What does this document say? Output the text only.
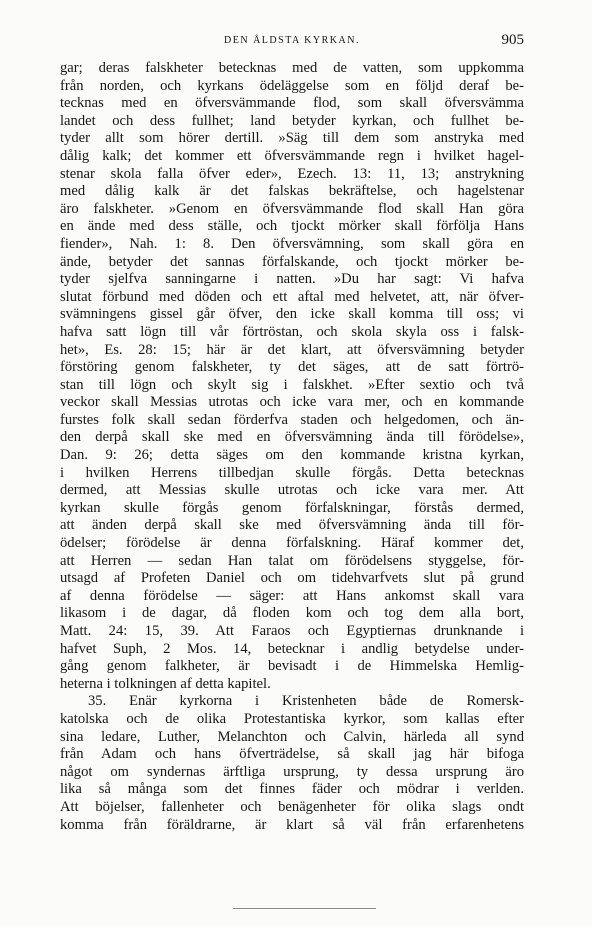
DEN ÅLDSTA KYRKAN.	905
gar; deras falskheter betecknas med de vatten, som uppkomma
från norden, och kyrkans ödeläggelse som en följd deraf be-
tecknas med en öfversvämmande flod, som skall öfversvämma
landet och dess fullhet; land betyder kyrkan, och fullhet be-
tyder allt som hörer dertill. »Säg till dem som anstryka med
dålig kalk; det kommer ett öfversvämmande regn i hvilket hagel-
stenar skola falla öfver eder», Ezech. 13: 11, 13; anstrykning
med dålig kalk är det falskas bekräftelse, och hagelstenar
äro falskheter. »Genom en öfversvämmande flod skall Han göra
en ände med dess ställe, och tjockt mörker skall förfölja Hans
fiender», Nah. 1: 8. Den öfversvämning, som skall göra en
ände, betyder det sannas förfalskande, och tjockt mörker be-
tyder sjelfva sanningarne i natten. »Du har sagt: Vi hafva
slutat förbund med döden och ett aftal med helvetet, att, när öfver-
svämningens gissel går öfver, den icke skall komma till oss; vi
hafva satt lögn till vår förtröstan, och skola skyla oss i falsk-
het», Es. 28: 15; här är det klart, att öfversvämning betyder
förstöring genom falskheter, ty det säges, att de satt förtrö-
stan till lögn och skylt sig i falskhet. »Efter sextio och två
veckor skall Messias utrotas och icke vara mer, och en kommande
furstes folk skall sedan förderfva staden och helgedomen, och än-
den derpå skall ske med en öfversvämning ända till förödelse»,
Dan. 9: 26; detta säges om den kommande kristna kyrkan,
i hvilken Herrens tillbedjan skulle förgås. Detta betecknas
dermed, att Messias skulle utrotas och icke vara mer. Att
kyrkan skulle förgås genom förfalskningar, förstås dermed,
att änden derpå skall ske med öfversvämning ända till för-
ödelser; förödelse är denna förfalskning. Häraf kommer det,
att Herren — sedan Han talat om förödelsens styggelse, för-
utsagd af Profeten Daniel och om tidehvarfvets slut på grund
af denna förödelse — säger: att Hans ankomst skall vara
likasom i de dagar, då floden kom och tog dem alla bort,
Matt. 24: 15, 39. Att Faraos och Egyptiernas drunknande i
hafvet Suph, 2 Mos. 14, betecknar i andlig betydelse under-
gång genom falkheter, är bevisadt i de Himmelska Hemlig-
heterna i tolkningen af detta kapitel.
35. Enär kyrkorna i Kristenheten både de Romersk-
katolska och de olika Protestantiska kyrkor, som kallas efter
sina ledare, Luther, Melanchton och Calvin, härleda all synd
från Adam och hans öfverträdelse, så skall jag här bifoga
något om syndernas ärftliga ursprung, ty dessa ursprung äro
lika så många som det finnes fäder och mödrar i verlden.
Att böjelser, fallenheter och benägenheter för olika slags ondt
komma från föräldrarne, är klart så väl från erfarenhetens
